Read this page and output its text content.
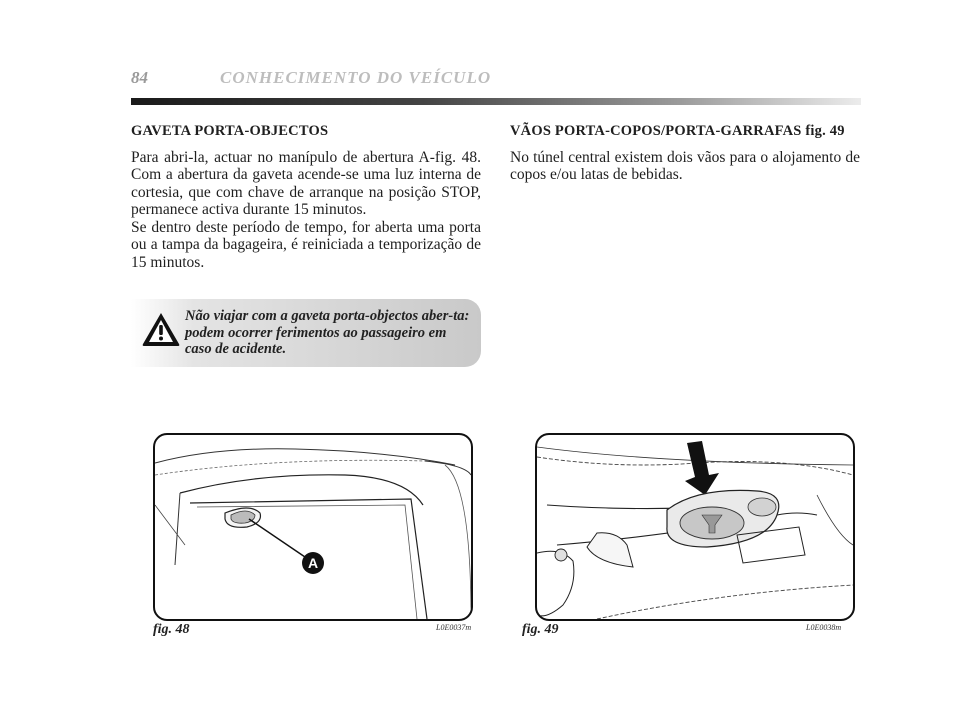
84	CONHECIMENTO DO VEÍCULO

GAVETA PORTA-OBJECTOS

Para abri-la, actuar no manípulo de abertura A-fig. 48. Com a abertura da gaveta acende-se uma luz interna de cortesia, que com chave de arranque na posição STOP, permanece activa durante 15 minutos.

Se dentro deste período de tempo, for aberta uma porta ou a tampa da bagageira, é reiniciada a temporização de 15 minutos.

Não viajar com a gaveta porta-objectos aber-ta: podem ocorrer ferimentos ao passageiro em caso de acidente.

VÃOS PORTA-COPOS/PORTA-GARRAFAS fig. 49

No túnel central existem dois vãos para o alojamento de copos e/ou latas de bebidas.

A
fig. 48	L0E0037m	fig. 49	L0E0038m
